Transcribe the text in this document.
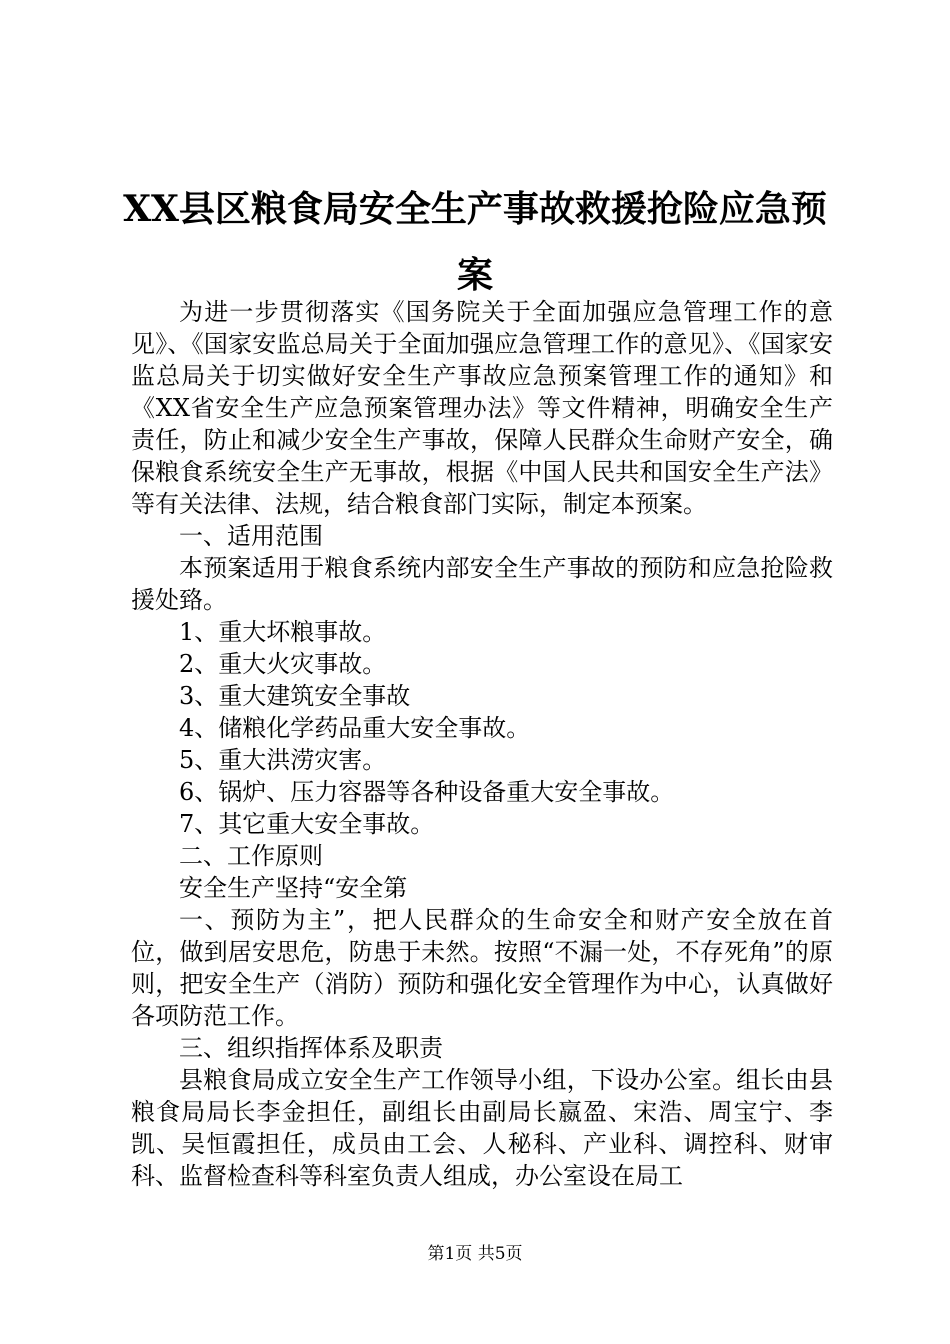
XX县区粮食局安全生产事故救援抢险应急预案

为进一步贯彻落实《国务院关于全面加强应急管理工作的意见》、《国家安监总局关于全面加强应急管理工作的意见》、《国家安监总局关于切实做好安全生产事故应急预案管理工作的通知》和《XX省安全生产应急预案管理办法》等文件精神，明确安全生产责任，防止和减少安全生产事故，保障人民群众生命财产安全，确保粮食系统安全生产无事故，根据《中国人民共和国安全生产法》等有关法律、法规，结合粮食部门实际，制定本预案。

一、适用范围

本预案适用于粮食系统内部安全生产事故的预防和应急抢险救援处臵。

1、重大坏粮事故。

2、重大火灾事故。

3、重大建筑安全事故

4、储粮化学药品重大安全事故。

5、重大洪涝灾害。

6、锅炉、压力容器等各种设备重大安全事故。

7、其它重大安全事故。

二、工作原则

安全生产坚持“安全第

一、预防为主”，把人民群众的生命安全和财产安全放在首位，做到居安思危，防患于未然。按照“不漏一处，不存死角”的原则，把安全生产（消防）预防和强化安全管理作为中心，认真做好各项防范工作。

三、组织指挥体系及职责

县粮食局成立安全生产工作领导小组，下设办公室。组长由县粮食局局长李金担任，副组长由副局长嬴盈、宋浩、周宝宁、李凯、吴恒霞担任，成员由工会、人秘科、产业科、调控科、财审科、监督检查科等科室负责人组成，办公室设在局工

第1页 共5页
